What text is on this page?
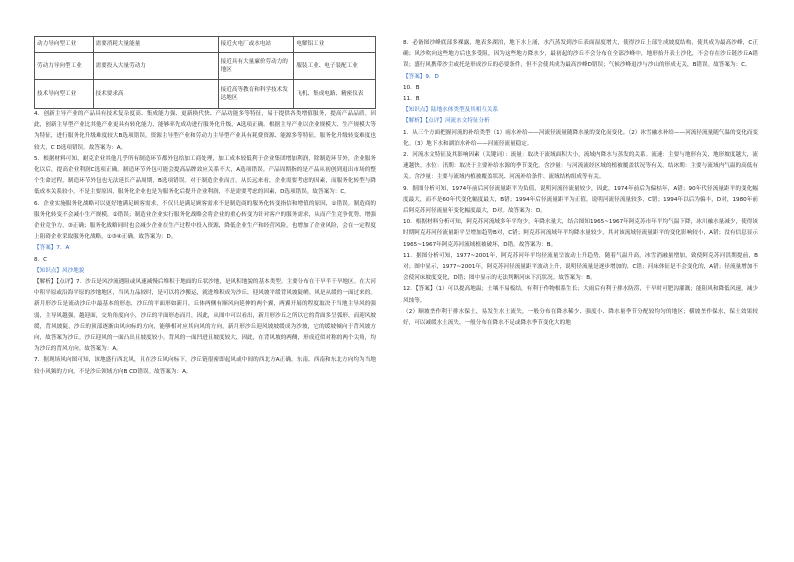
动力导向型工业	需要消耗大量能量	接近火电厂或水电站	电解铝工业
劳动力导向型工业	需要投入大量劳动力	接近具有大量廉价劳动力的地区	服装工业、电子装配工业
技术导向型工业	技术要求高	接近高等教育和科学技术发达地区	飞机、集成电路、精密仪表

4．创新主导产业的产品具有技术复杂度高、集成能力强、更新换代快、产品功能多等特征，易于提供各类增值服务，提高产品品质。因此，创新主导型产业比其他产业更具有转化能力，能够率先成功进行服务化升级，A选项正确。根据主导产业以企业规模大、生产规模大等为特征，进行服务化升级难度较大B选项错误。资源主导型产业和劳动力主导型产业具有耗费资源、能源多等特征，服务化升级转变难度也较大，C D选项错误。故答案为：A。

5．根据材料可知，耐克企业其他几乎所有制造环节都外包给加工商处理，加工成本较低利于企业集团增加利润，除制造环节外，企业服务化以后，提高企业利润C选项正确。制造环节外包可能会提高品牌效应关系不大，A选项错误。产品周期指的是产品从初创到退出市场的整个生命过程，制造环节外包也无法延长产品周期，B选项错误。对于制造企业而言，从长远来看，企业需要考虑的因素，而服务化转型与降低成本关系较小，不是主要原因，服务化企业也是为服务化后提升企业利润，不是需要考虑的因素，D选项错误。故答案为：C。

6．企业实施服务化战略可以更好地满足顾客需求，不仅只是满足顾客需求不是制造商的服务化转变指信和增值的原因，①错误。制造商的服务化转变不会减小生产规模，②错误；制造业企业实行服务化战略会将企业的重心转变为针对客户的服务需求，从而产生竞争优势，增强企业竞争力，③正确；服务化战略同时也会减少企业在生产过程中投入资源，降低企业生产和经营风险，也增加了企业风险，会在一定程度上阻碍企业采取服务化战略，①③④正确。故答案为：D。

【答案】7．A

8．C

【知识点】风沙地貌

【解析】【点评】7．沙丘是风沙流遇阻或风速减慢后堆积于地面的丘状沙地，是风积地貌的基本类型。主要分布在干旱半干旱地区。在大河中积平原或沿海平原的沙地地区，当风力品较时，是可以将沙搬运，就进堆积成为沙丘，迎风坡平缓背风坡陡峭。风是从缓的一面过来的。新月形沙丘是流动沙丘中最基本的形态，沙丘的平面形如新月，丘体两侧有顺风向延伸的两个翼，两翼开展的程度取决于当地主导风的强弱，主导风越强，越迎面，交角角度向小，沙丘的平面形态而月，因此，从图中可以看出，新月形沙丘之所以它的背面多呈弧形，而迎风坡缓，背风坡陡，沙丘的顶部逐渐由风向标的方向，能够相对应其向风的方向，新月形沙丘迎风坡坡缓成为沙坡，它的缓坡倾向于背风坡方向，故答案为沙丘。沙丘迎风的一面凸出且坡度较小，背风的一面凹进且坡度较大，因此，在背风坡的两侧，形成近似对称的两个尖角，均为沙丘的背风方向。故答案为：A。

7．据现场风向图可知，该地盛行西北风，且在沙丘风向标下，沙丘链很密即起风或中间的西北方A正确。东南、西南和东北方向均为当地较小风频的方向，不是沙丘领域方向B CD错误。故答案为：A。

8．必备图沙峰底部多裸露，地表多湖泊，地下水上涌，水汽蒸发到沙丘表面湿度增大，使得沙丘上部生成坡度结构，使其成为最高沙峰，C正确；风沙吹向这些地方后也多受阻，因为这些地方降水少，最初起的沙丘不会分布在全部沙峰中，地形抬升表土沙化，不会存在沙丘链沙丘A错误；盛行风携带沙尘或托是形成沙丘的必要条件，但不会使其成为最高沙峰D错误；气候沙峰退沙与沙山的形成无关，B错误。故答案为：C。

【答案】9．D

10．B

11．B

【知识点】陆地水体类型及其相互关系

【解析】【点评】河流水文特征分析

1．从三个方面把握河流的补给类型（1）雨水补给——河流径流量随降水量的变化而变化。（2）冰雪融水补给——河流径流量随气温的变化而变化。（3）地下水和湖泊水补给——河流径流量稳定。

2．河流水文特征及其影响因素（关键词）：流量：取决于流域面积大小，流域内降水与蒸发的关系。流速：主要与地形有关，地形坡度越大，流速越快。水位：汛期：取决于主要补给水源的季节变化。含沙量：与河流流经区域的植被覆盖状况等有关。结冰期：主要与流域内气温的高低有关。含沙量：主要与流域内植被覆盖状况、河流补给条件、流域结构组成等有关。

9．据图分析可知，1974年前后河径流量距平为负值，说明河流径流量较少，因此，1974年前后为偏枯年，A错；90年代径流量距平的变化幅度最大，而不是60年代变化幅度最大，B错；1994年后径流量距平为正值，说明河流径流量较多，C错；1994年以后为偏丰，D对，1980年前后阿克苏河径流量年变化幅度最大，D对。故答案为：D。

10．根据材料分析可知，阿克苏河流域多年平均少，年降水量大，结合图知1965~1967年阿克苏市年平均气温下降，冰川融水量减少，使得该时期阿克苏河径流量距平呈增加趋势B对，C错；阿克苏河流域年平均降水量较少，其对该流域径流量距平的变化影响较小，A错；没有信息显示1965~1967年阿克苏河流域植被破坏，D错。故答案为：B。

11．据图分析可知，1977~2001年，阿克苏河年平均径流量呈波动上升趋势，随着气温升高，冰雪消融量增加，致使阿克苏河洪期提前，B对；图中显示，1977~2001年，阿克苏河径流量距平波动上升，说明径流量是逐步增加的，C错；河床体征是不会变化的，A错；径流量增加不会使河床坡度变化，D错；图中显示的无法判断河床下沉状况。故答案为：B。

12．【答案】（1）可以提高地温；土壤不易板结，有利于作物根系生长；大雨后有利于排水防涝，干早时可肥沟灌溉；能阻风和降低风速，减少风蚀等。

（2）顺坡垄作利于排水保土，易发生水土流失，一般分布在降水稀少、强度小、降水量季节分配较均匀的地区；横坡垄作保水，保土效果较好，可以减缓水土流失，一般分布在降水不足或降水季节变化大的地
